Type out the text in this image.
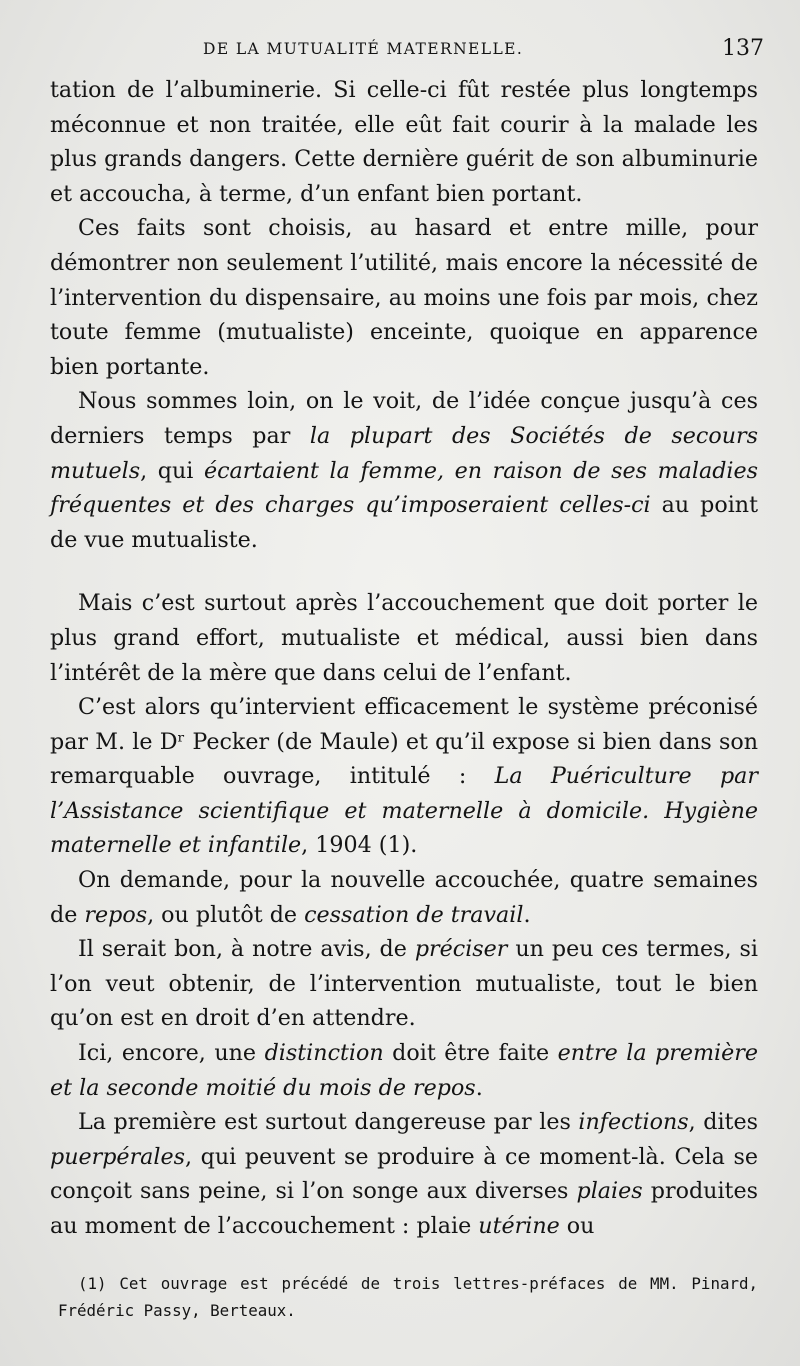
DE LA MUTUALITÉ MATERNELLE.	137

tation de l’albuminerie. Si celle-ci fût restée plus longtemps méconnue et non traitée, elle eût fait courir à la malade les plus grands dangers. Cette dernière guérit de son albuminurie et accoucha, à terme, d’un enfant bien portant.

Ces faits sont choisis, au hasard et entre mille, pour démontrer non seulement l’utilité, mais encore la nécessité de l’intervention du dispensaire, au moins une fois par mois, chez toute femme (mutualiste) enceinte, quoique en apparence bien portante.

Nous sommes loin, on le voit, de l’idée conçue jusqu’à ces derniers temps par la plupart des Sociétés de secours mutuels, qui écartaient la femme, en raison de ses maladies fréquentes et des charges qu’imposeraient celles-ci au point de vue mutualiste.

Mais c’est surtout après l’accouchement que doit porter le plus grand effort, mutualiste et médical, aussi bien dans l’intérêt de la mère que dans celui de l’enfant.

C’est alors qu’intervient efficacement le système préconisé par M. le Dʳ Pecker (de Maule) et qu’il expose si bien dans son remarquable ouvrage, intitulé : La Puériculture par l’Assistance scientifique et maternelle à domicile. Hygiène maternelle et infantile, 1904 (1).

On demande, pour la nouvelle accouchée, quatre semaines de repos, ou plutôt de cessation de travail.

Il serait bon, à notre avis, de préciser un peu ces termes, si l’on veut obtenir, de l’intervention mutualiste, tout le bien qu’on est en droit d’en attendre.

Ici, encore, une distinction doit être faite entre la première et la seconde moitié du mois de repos.

La première est surtout dangereuse par les infections, dites puerpérales, qui peuvent se produire à ce moment-là. Cela se conçoit sans peine, si l’on songe aux diverses plaies produites au moment de l’accouchement : plaie utérine ou

(1) Cet ouvrage est précédé de trois lettres-préfaces de MM. Pinard, Frédéric Passy, Berteaux.
